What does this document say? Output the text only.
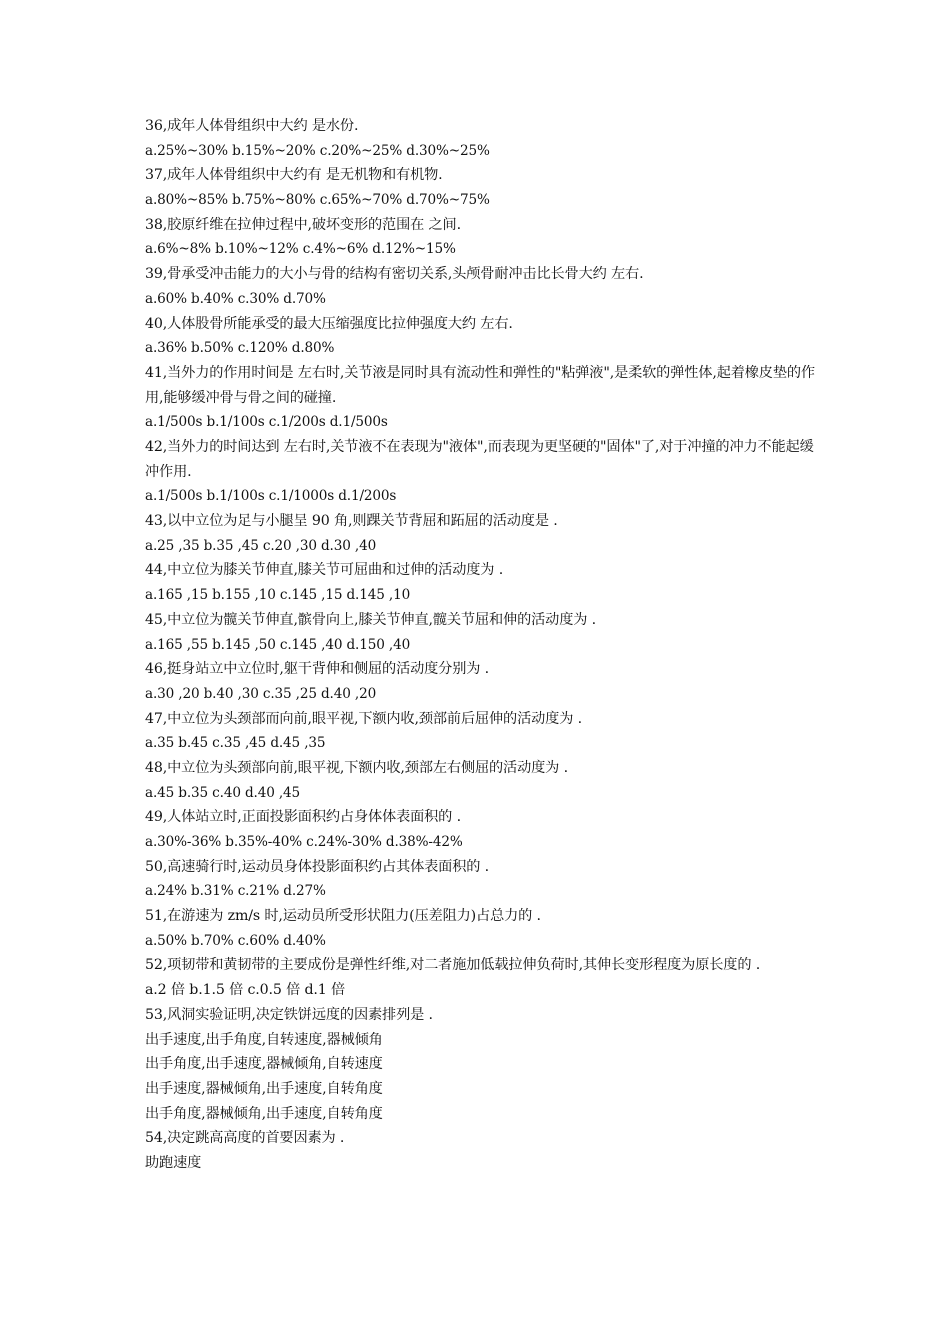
36,成年人体骨组织中大约 是水份.
a.25%~30% b.15%~20% c.20%~25% d.30%~25%
37,成年人体骨组织中大约有 是无机物和有机物.
a.80%~85% b.75%~80% c.65%~70% d.70%~75%
38,胶原纤维在拉伸过程中,破坏变形的范围在 之间.
a.6%~8% b.10%~12% c.4%~6% d.12%~15%
39,骨承受冲击能力的大小与骨的结构有密切关系,头颅骨耐冲击比长骨大约 左右.
a.60% b.40% c.30% d.70%
40,人体股骨所能承受的最大压缩强度比拉伸强度大约 左右.
a.36% b.50% c.120% d.80%
41,当外力的作用时间是 左右时,关节液是同时具有流动性和弹性的"粘弹液",是柔软的弹性体,起着橡皮垫的作用,能够缓冲骨与骨之间的碰撞.
a.1/500s b.1/100s c.1/200s d.1/500s
42,当外力的时间达到 左右时,关节液不在表现为"液体",而表现为更坚硬的"固体"了,对于冲撞的冲力不能起缓冲作用.
a.1/500s b.1/100s c.1/1000s d.1/200s
43,以中立位为足与小腿呈 90 角,则踝关节背屈和跖屈的活动度是 .
a.25 ,35 b.35 ,45 c.20 ,30 d.30 ,40
44,中立位为膝关节伸直,膝关节可屈曲和过伸的活动度为 .
a.165 ,15 b.155 ,10 c.145 ,15 d.145 ,10
45,中立位为髋关节伸直,髌骨向上,膝关节伸直,髋关节屈和伸的活动度为 .
a.165 ,55 b.145 ,50 c.145 ,40 d.150 ,40
46,挺身站立中立位时,躯干背伸和侧屈的活动度分别为 .
a.30 ,20 b.40 ,30 c.35 ,25 d.40 ,20
47,中立位为头颈部而向前,眼平视,下额内收,颈部前后屈伸的活动度为 .
a.35 b.45 c.35 ,45 d.45 ,35
48,中立位为头颈部向前,眼平视,下额内收,颈部左右侧屈的活动度为 .
a.45 b.35 c.40 d.40 ,45
49,人体站立时,正面投影面积约占身体体表面积的 .
a.30%-36% b.35%-40% c.24%-30% d.38%-42%
50,高速骑行时,运动员身体投影面积约占其体表面积的 .
a.24% b.31% c.21% d.27%
51,在游速为 zm/s 时,运动员所受形状阻力(压差阻力)占总力的 .
a.50% b.70% c.60% d.40%
52,项韧带和黄韧带的主要成份是弹性纤维,对二者施加低载拉伸负荷时,其伸长变形程度为原长度的 .
a.2 倍 b.1.5 倍 c.0.5 倍 d.1 倍
53,风洞实验证明,决定铁饼远度的因素排列是 .
出手速度,出手角度,自转速度,器械倾角
出手角度,出手速度,器械倾角,自转速度
出手速度,器械倾角,出手速度,自转角度
出手角度,器械倾角,出手速度,自转角度
54,决定跳高高度的首要因素为 .
助跑速度
